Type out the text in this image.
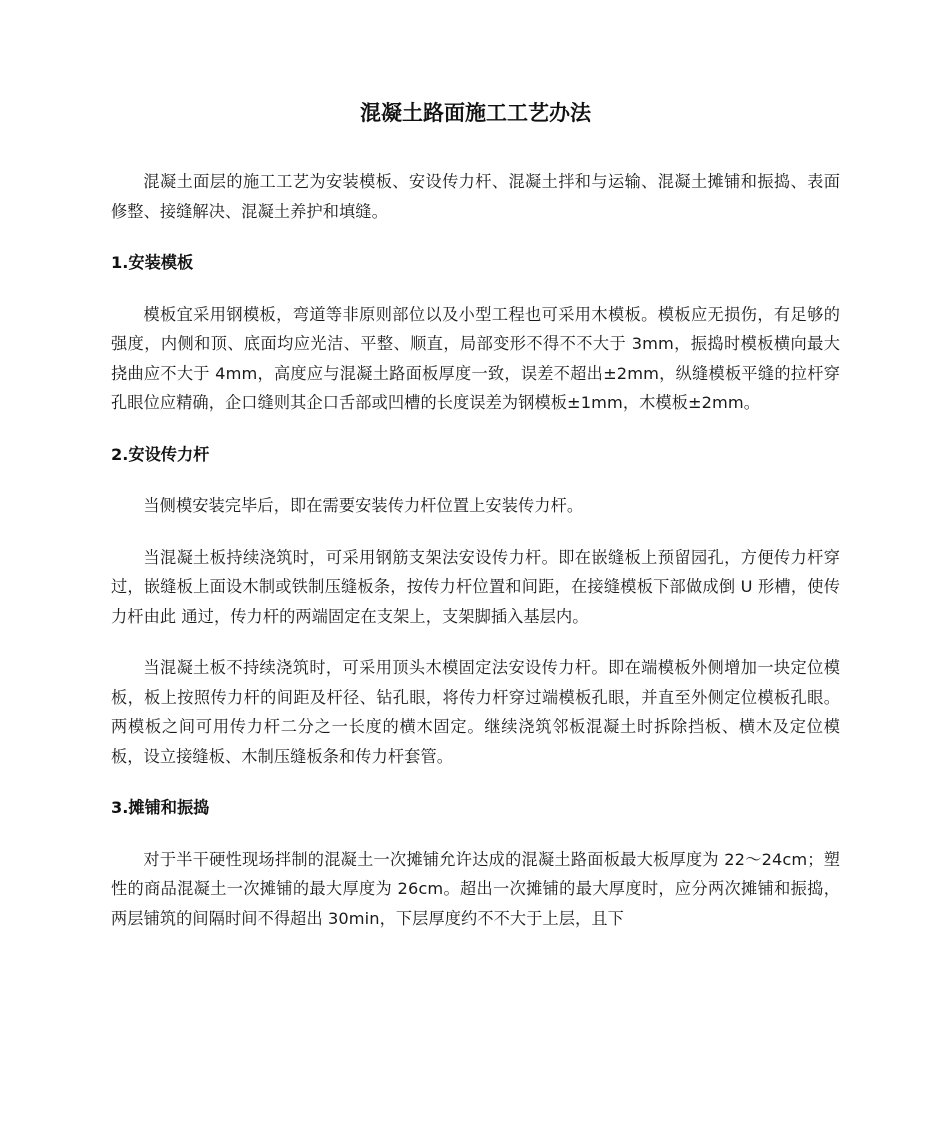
混凝土路面施工工艺办法

混凝土面层的施工工艺为安装模板、安设传力杆、混凝土拌和与运输、混凝土摊铺和振捣、表面修整、接缝解决、混凝土养护和填缝。

1.安装模板

模板宜采用钢模板，弯道等非原则部位以及小型工程也可采用木模板。模板应无损伤，有足够的强度，内侧和顶、底面均应光洁、平整、顺直，局部变形不得不不大于 3mm，振捣时模板横向最大挠曲应不大于 4mm，高度应与混凝土路面板厚度一致，误差不超出±2mm，纵缝模板平缝的拉杆穿孔眼位应精确，企口缝则其企口舌部或凹槽的长度误差为钢模板±1mm，木模板±2mm。

2.安设传力杆

当侧模安装完毕后，即在需要安装传力杆位置上安装传力杆。

当混凝土板持续浇筑时，可采用钢筋支架法安设传力杆。即在嵌缝板上预留园孔，方便传力杆穿过，嵌缝板上面设木制或铁制压缝板条，按传力杆位置和间距，在接缝模板下部做成倒 U 形槽，使传力杆由此 通过，传力杆的两端固定在支架上，支架脚插入基层内。

当混凝土板不持续浇筑时，可采用顶头木模固定法安设传力杆。即在端模板外侧增加一块定位模板，板上按照传力杆的间距及杆径、钻孔眼，将传力杆穿过端模板孔眼，并直至外侧定位模板孔眼。两模板之间可用传力杆二分之一长度的横木固定。继续浇筑邻板混凝土时拆除挡板、横木及定位模板，设立接缝板、木制压缝板条和传力杆套管。

3.摊铺和振捣

对于半干硬性现场拌制的混凝土一次摊铺允许达成的混凝土路面板最大板厚度为 22～24cm；塑性的商品混凝土一次摊铺的最大厚度为 26cm。超出一次摊铺的最大厚度时，应分两次摊铺和振捣，两层铺筑的间隔时间不得超出 30min，下层厚度约不不大于上层，且下
